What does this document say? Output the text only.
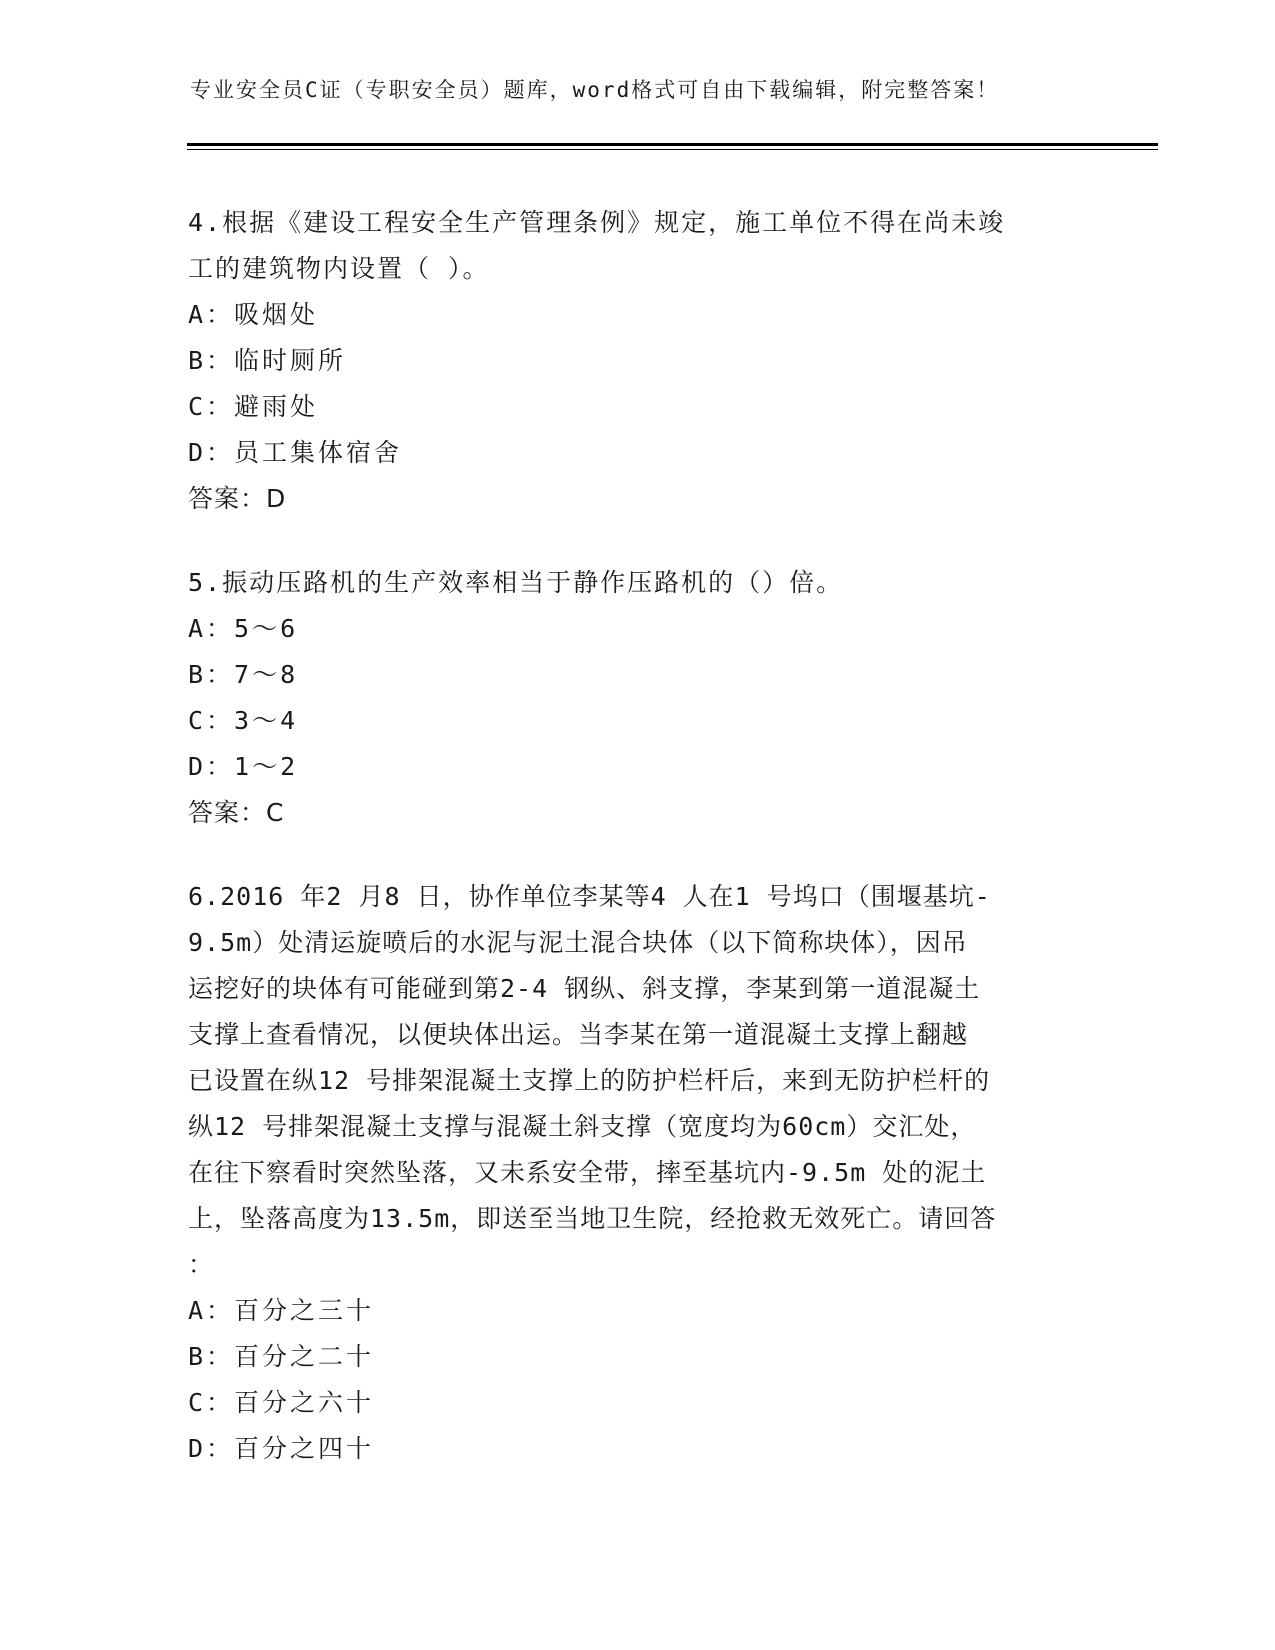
专业安全员C证（专职安全员）题库，word格式可自由下载编辑，附完整答案！
4.根据《建设工程安全生产管理条例》规定，施工单位不得在尚未竣
工的建筑物内设置（ ）。
A：吸烟处
B：临时厕所
C：避雨处
D：员工集体宿舍
答案：D
5.振动压路机的生产效率相当于静作压路机的（）倍。
A：5～6
B：7～8
C：3～4
D：1～2
答案：C
6.2016 年2 月8 日，协作单位李某等4 人在1 号坞口（围堰基坑-
9.5m）处清运旋喷后的水泥与泥土混合块体（以下简称块体），因吊
运挖好的块体有可能碰到第2-4 钢纵、斜支撑，李某到第一道混凝土
支撑上查看情况，以便块体出运。当李某在第一道混凝土支撑上翻越
已设置在纵12 号排架混凝土支撑上的防护栏杆后，来到无防护栏杆的
纵12 号排架混凝土支撑与混凝土斜支撑（宽度均为60cm）交汇处，
在往下察看时突然坠落，又未系安全带，摔至基坑内-9.5m 处的泥土
上，坠落高度为13.5m，即送至当地卫生院，经抢救无效死亡。请回答
：
A：百分之三十
B：百分之二十
C：百分之六十
D：百分之四十
